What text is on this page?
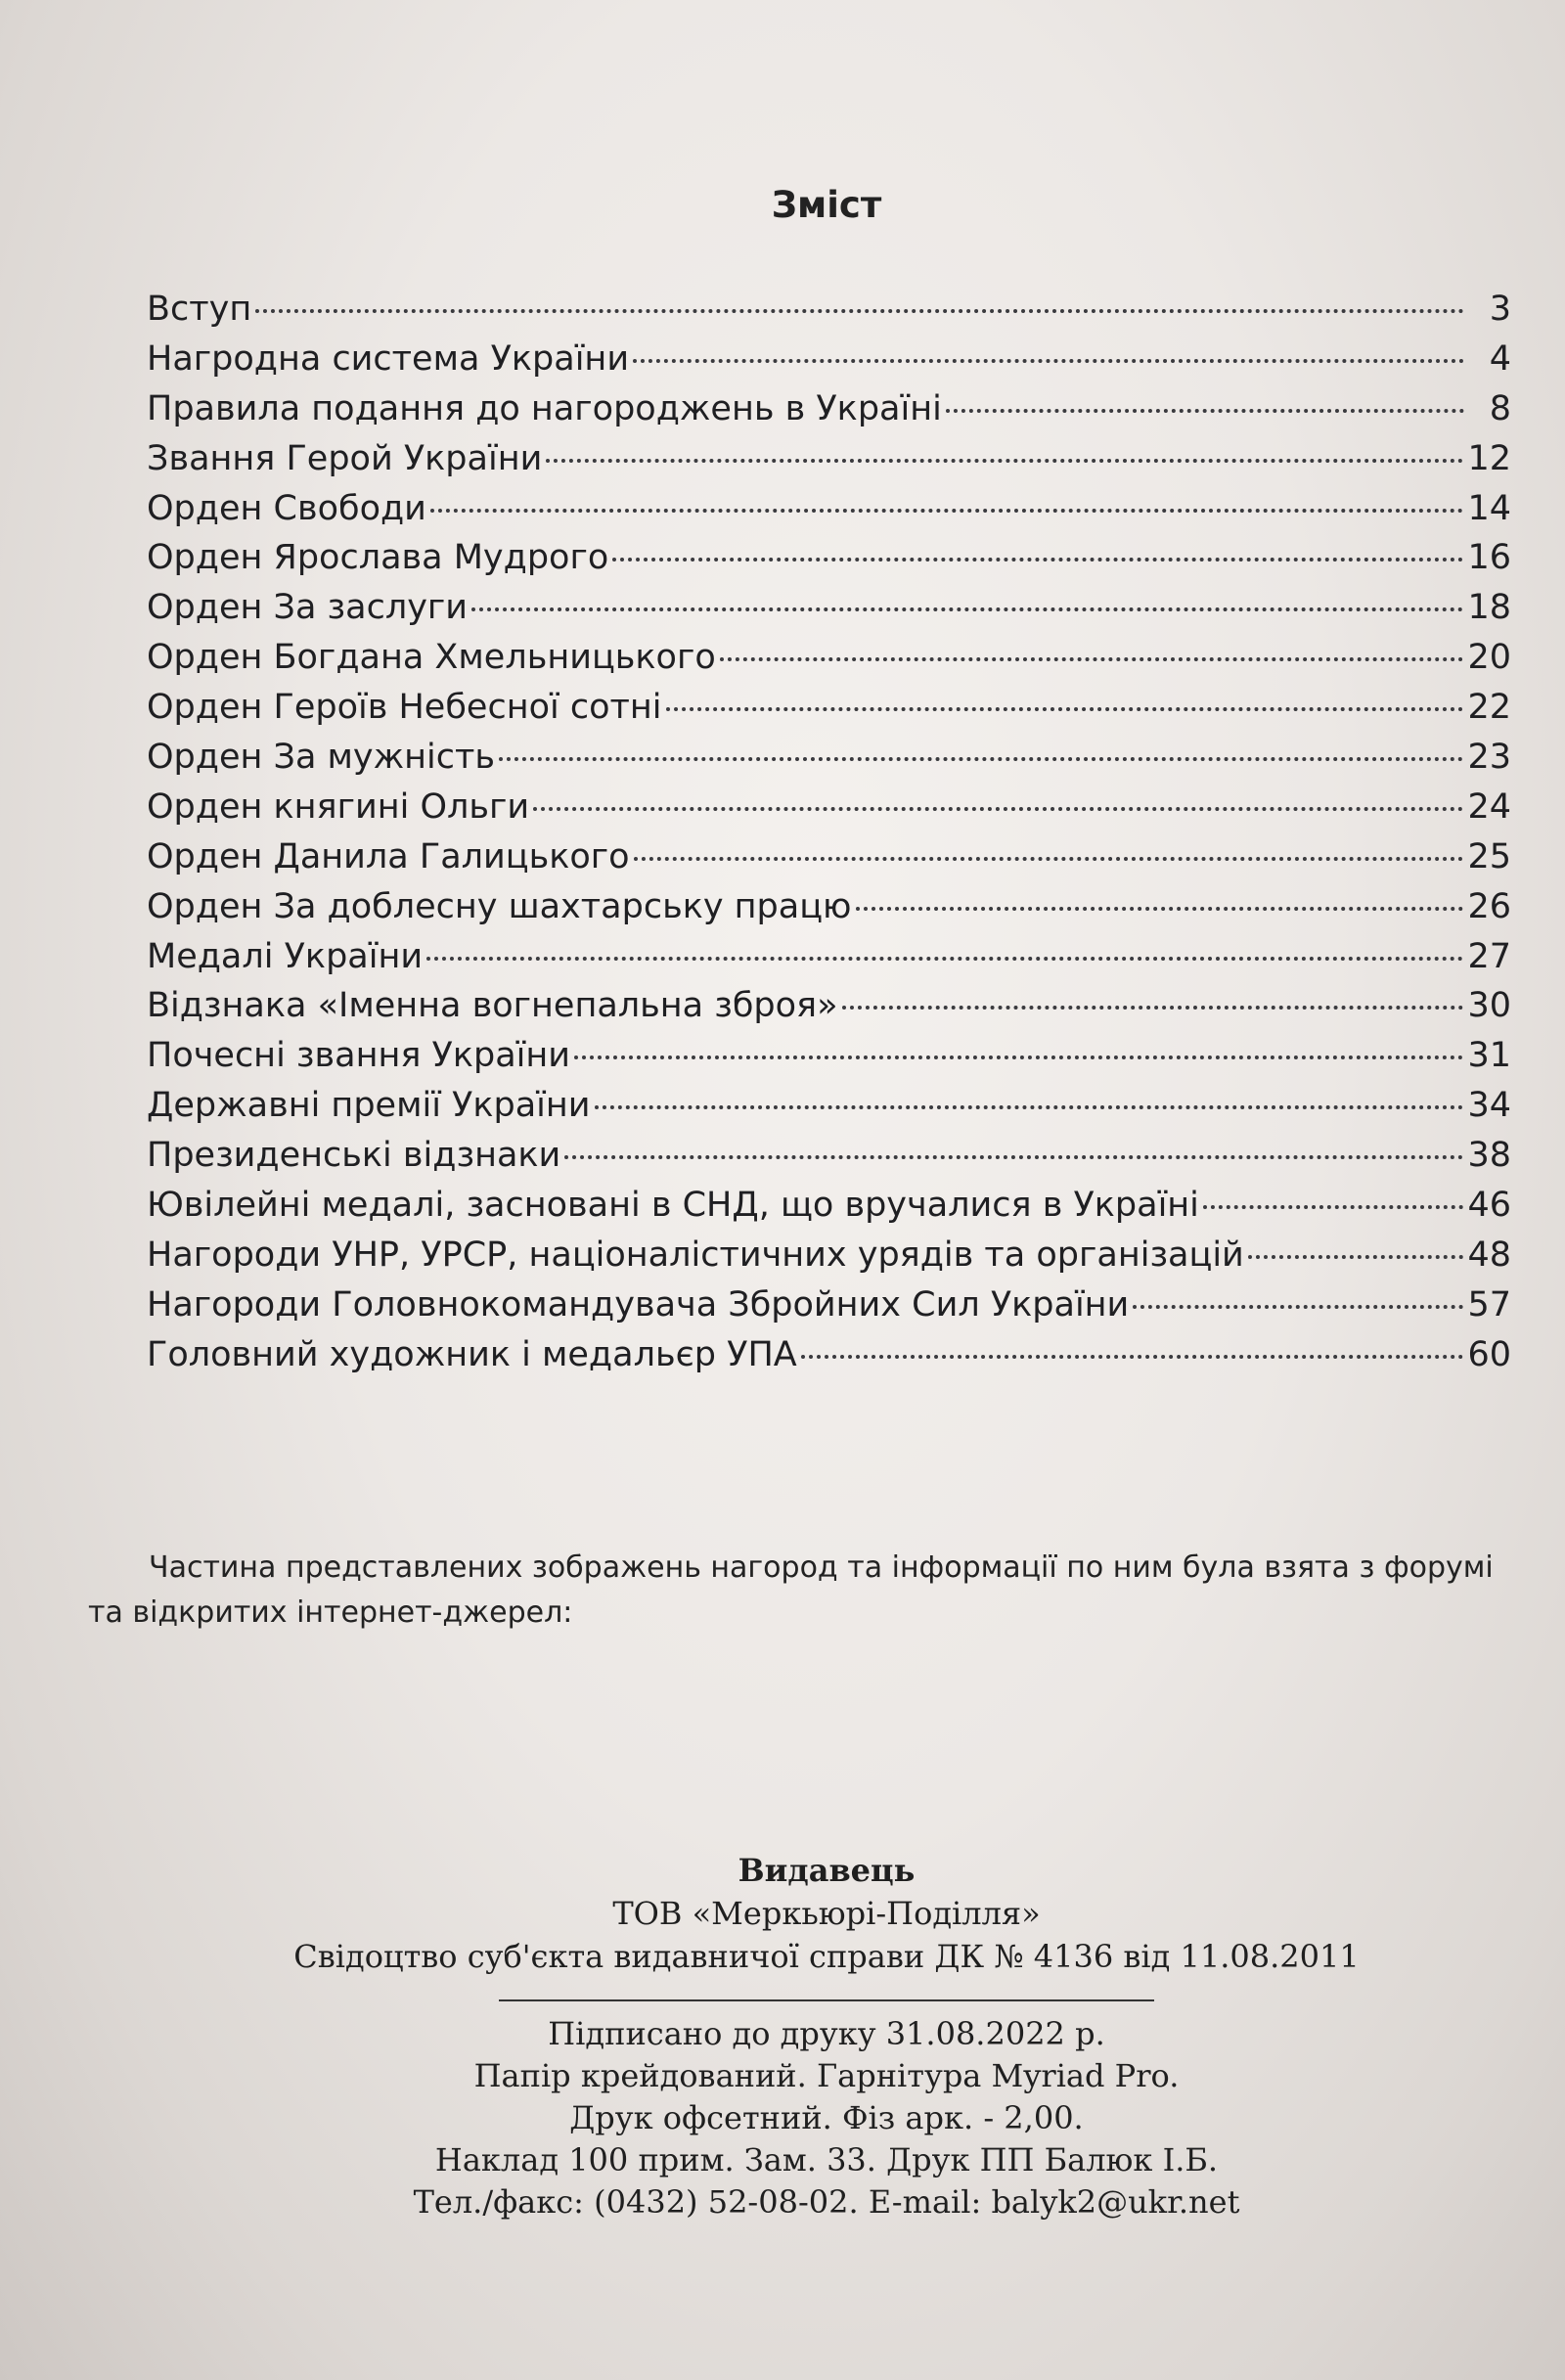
Зміст
Вступ	3
Нагродна система України	4
Правила подання до нагороджень в Україні	8
Звання Герой України	12
Орден Свободи	14
Орден Ярослава Мудрого	16
Орден За заслуги	18
Орден Богдана Хмельницького	20
Орден Героїв Небесної сотні	22
Орден За мужність	23
Орден княгині Ольги	24
Орден Данила Галицького	25
Орден За доблесну шахтарську працю	26
Медалі України	27
Відзнака «Іменна вогнепальна зброя»	30
Почесні звання України	31
Державні премії України	34
Президенські відзнаки	38
Ювілейні медалі, засновані в СНД, що вручалися в Україні	46
Нагороди УНР, УРСР, націоналістичних урядів та організацій	48
Нагороди Головнокомандувача Збройних Сил України	57
Головний художник і медальєр УПА	60
Частина представлених зображень нагород та інформації по ним була взята з форумі
та відкритих інтернет-джерел:
Видавець
ТОВ «Меркьюрі-Поділля»
Свідоцтво суб'єкта видавничої справи ДК № 4136 від 11.08.2011
Підписано до друку 31.08.2022 р.
Папір крейдований. Гарнітура Myriad Pro.
Друк офсетний. Фіз арк. - 2,00.
Наклад 100 прим. Зам. 33. Друк ПП Балюк І.Б.
Тел./факс: (0432) 52-08-02. E-mail: balyk2@ukr.net
